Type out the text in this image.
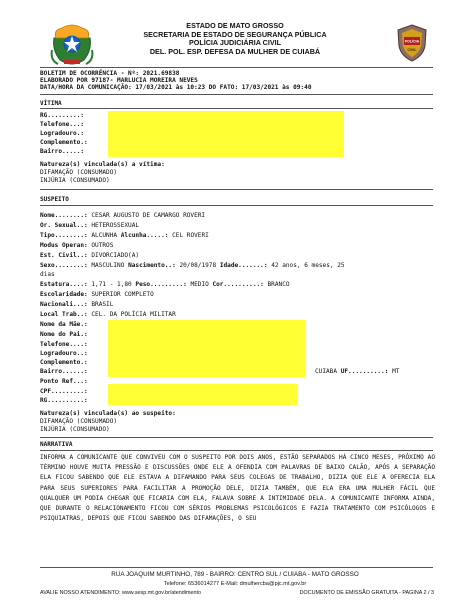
ESTADO DE MATO GROSSO
SECRETARIA DE ESTADO DE SEGURANÇA PÚBLICA
POLÍCIA JUDICIÁRIA CIVIL
DEL. POL. ESP. DEFESA DA MULHER DE CUIABÁ
POLÍCIA
CIVIL
BOLETIM DE OCORRÊNCIA - Nº: 2021.69838
ELABORADO POR 97187- MARLUCIA MOREIRA NEVES
DATA/HORA DA COMUNICAÇÃO: 17/03/2021 às 10:23 DO FATO: 17/03/2021 às 09:40
VÍTIMA
RG.........:
Telefone...:
Logradouro.:
Complemento.:
Bairro.....:
Natureza(s) vinculada(s) a vítima:
DIFAMAÇÃO (CONSUMADO)
INJÚRIA (CONSUMADO)
SUSPEITO
Nome........: CESAR AUGUSTO DE CAMARGO ROVERI
Or. Sexual..: HETEROSSEXUAL
Tipo........: ALCUNHA Alcunha.....: CEL ROVERI
Modus Operan: OUTROS
Est. Civil..: DIVORCIADO(A)
Sexo........: MASCULINO Nascimento..: 20/08/1978 Idade.......: 42 anos, 6 meses, 25
dias
Estatura....: 1,71 - 1,80 Peso.........: MEDIO Cor..........: BRANCO
Escolaridade: SUPERIOR COMPLETO
Nacionali...: BRASIL
Local Trab..: CEL. DA POLÍCIA MILITAR
Nome da Mãe.:
Nome do Pai.:
Telefone....:
Logradouro..:
Complemento.:
Bairro......:	CUIABA UF..........: MT
Ponto Ref...:
CPF.........:
RG..........:
Natureza(s) vinculada(s) ao suspeito:
DIFAMAÇÃO (CONSUMADO)
INJÚRIA (CONSUMADO)
NARRATIVA
INFORMA A COMUNICANTE QUE CONVIVEU COM O SUSPEITO POR DOIS ANOS, ESTÃO SEPARADOS HÁ CINCO MESES, PRÓXIMO AO TÉRMINO HOUVE MUITA PRESSÃO E DISCUSSÕES ONDE ELE A OFENDIA COM PALAVRAS DE BAIXO CALÃO, APÓS A SEPARAÇÃO ELA FICOU SABENDO QUE ELE ESTAVA A DIFAMANDO PARA SEUS COLEGAS DE TRABALHO, DIZIA QUE ELE A OFERECIA ELA PARA SEUS SUPERIORES PARA FACILITAR A PROMOÇÃO DELE, DIZIA TAMBÉM, QUE ELA ERA UMA MULHER FÁCIL QUE QUALQUER UM PODIA CHEGAR QUE FICARIA COM ELA, FALAVA SOBRE A INTIMIDADE DELA. A COMUNICANTE INFORMA AINDA, QUE DURANTE O RELACIONAMENTO FICOU COM SÉRIOS PROBLEMAS PSICOLÓGICOS E FAZIA TRATAMENTO COM PSICÓLOGOS E PSIQUIATRAS, DEPOIS QUE FICOU SABENDO DAS DIFAMAÇÕES, O SEU
RUA JOAQUIM MURTINHO, 789 - BAIRRO: CENTRO SUL / CUIABA - MATO GROSSO
Telefone: 6536014277 E-Mail: dmulhercba@pjc.mt.gov.br
AVALIE NOSSO ATENDIMENTO: www.sesp.mt.gov.br/atendimento	DOCUMENTO DE EMISSÃO GRATUITA - PAGINA 2 / 3
